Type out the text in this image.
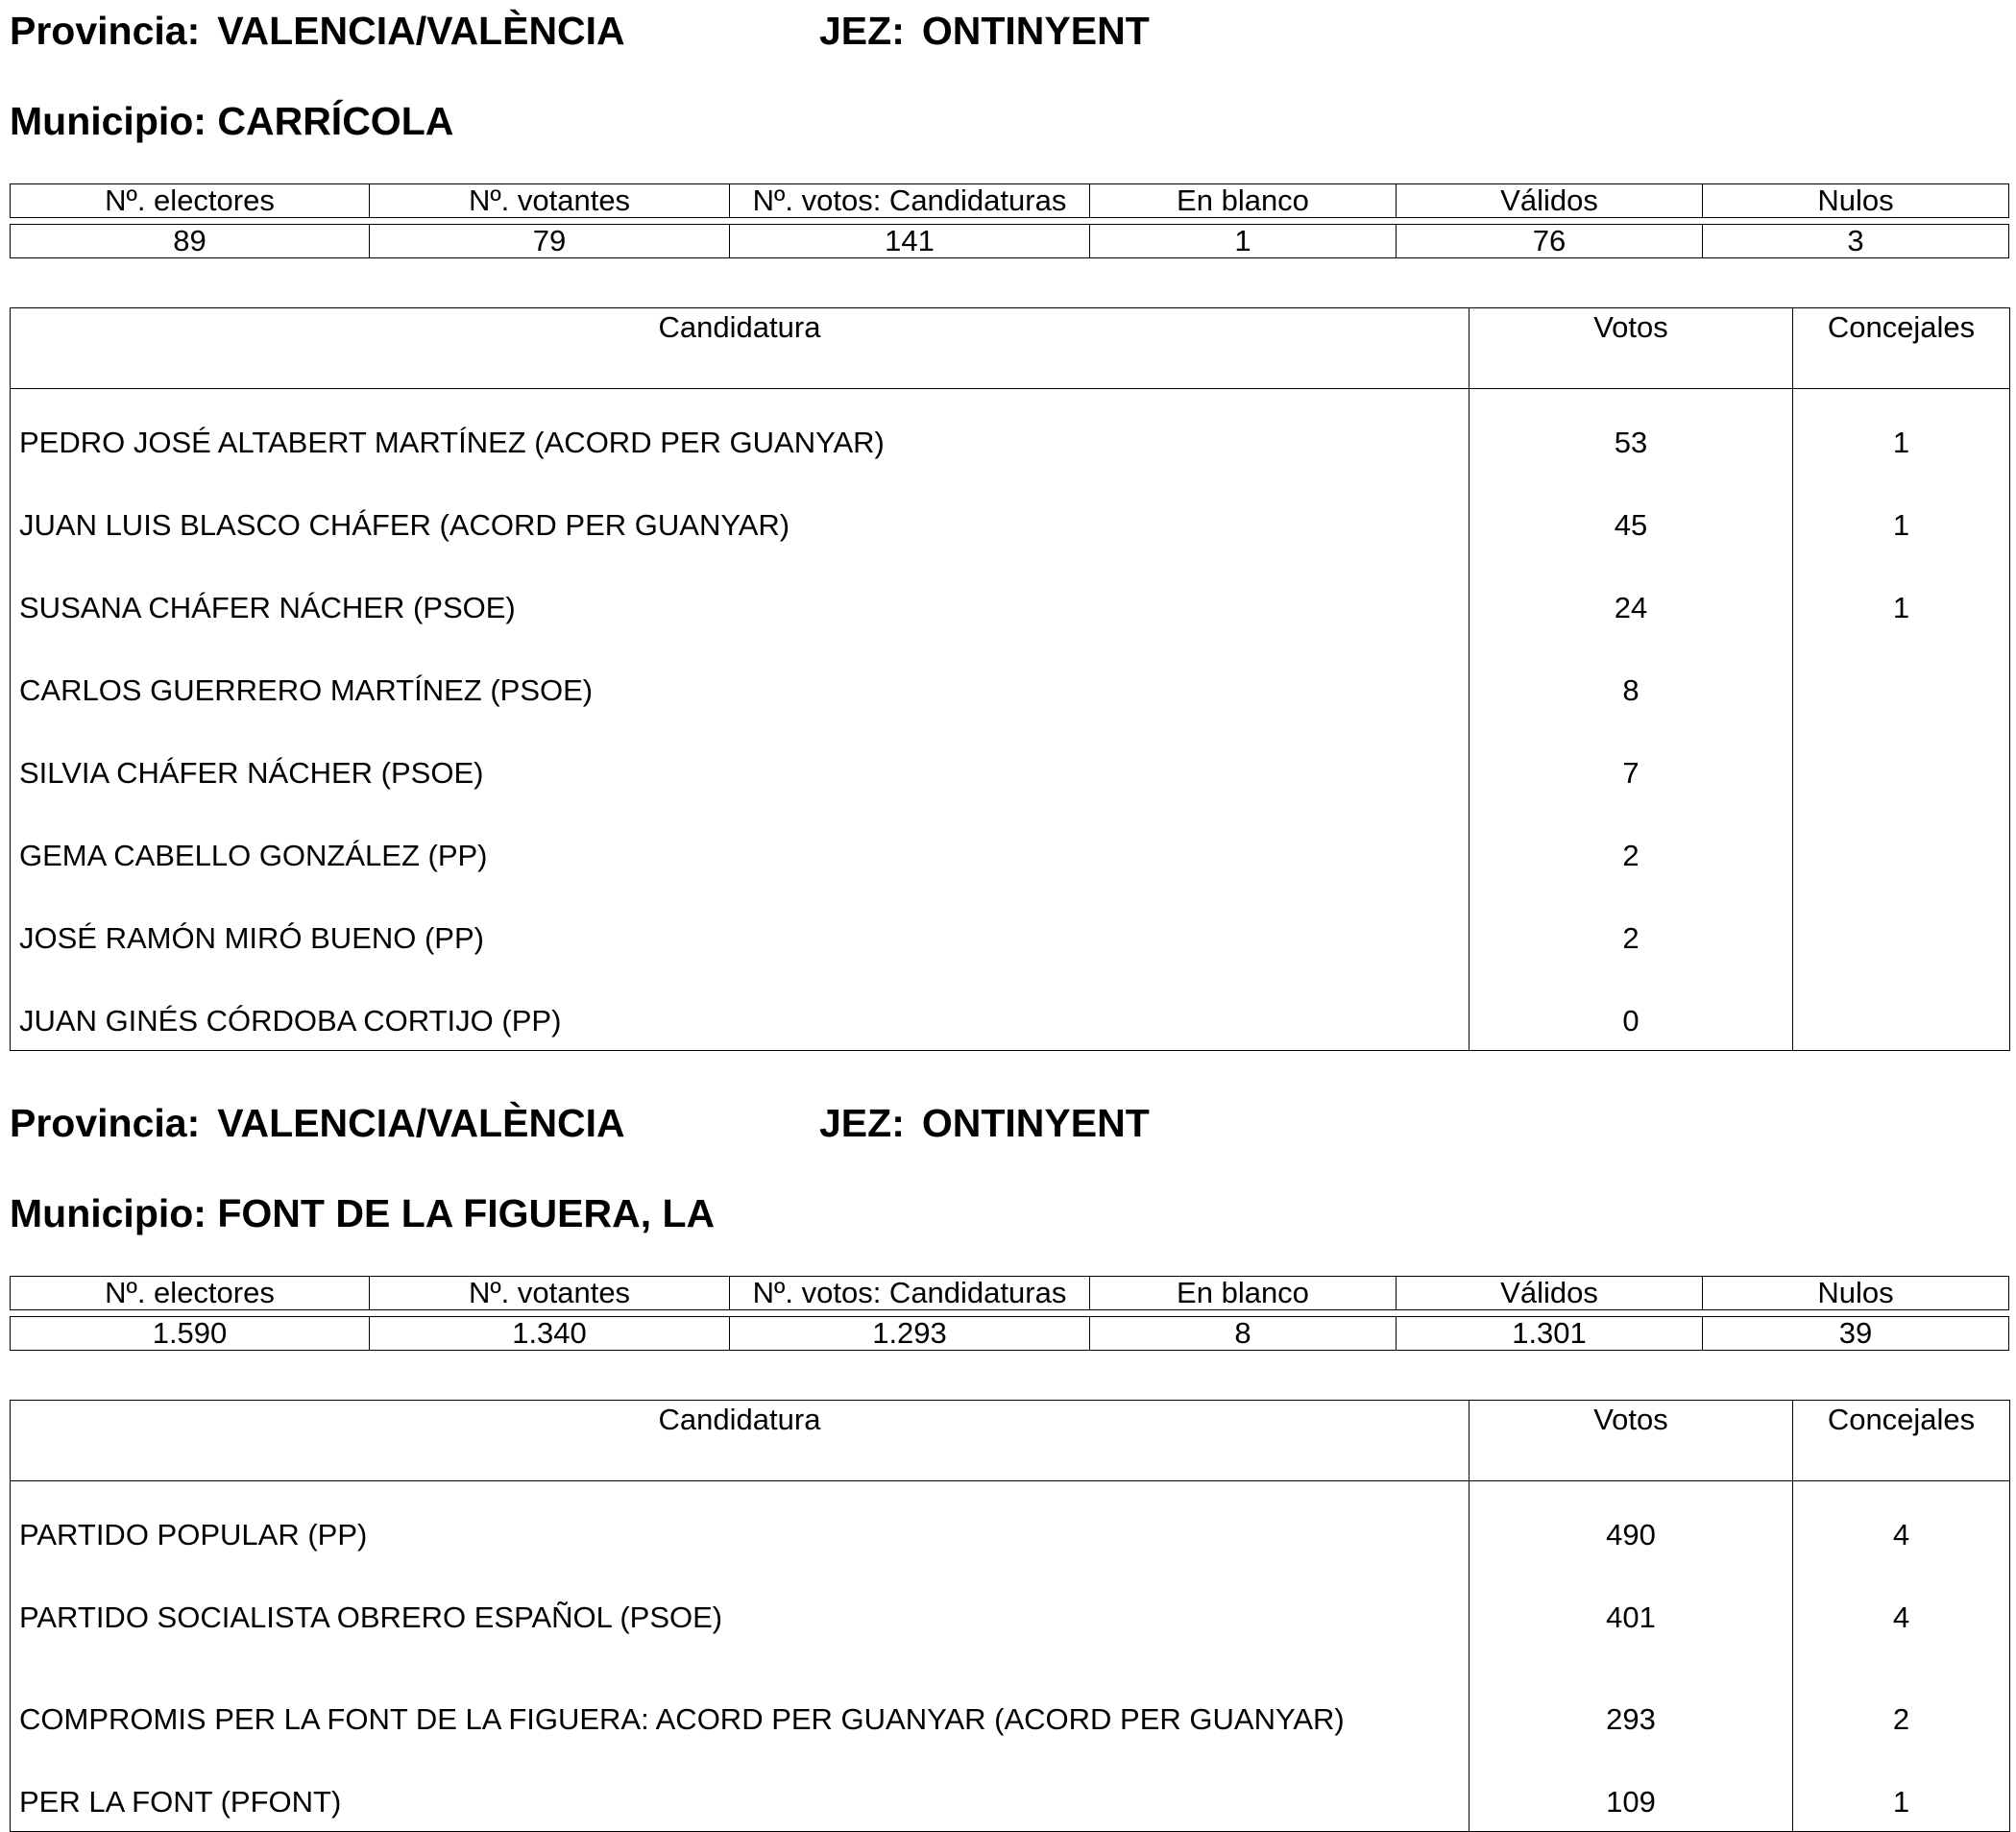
Provincia: VALENCIA/VALÈNCIA	JEZ: ONTINYENT
Municipio: CARRÍCOLA
Nº. electores	Nº. votantes	Nº. votos: Candidaturas	En blanco	Válidos	Nulos
89	79	141	1	76	3
Candidatura	Votos	Concejales
PEDRO JOSÉ ALTABERT MARTÍNEZ (ACORD PER GUANYAR)	53	1
JUAN LUIS BLASCO CHÁFER (ACORD PER GUANYAR)	45	1
SUSANA CHÁFER NÁCHER (PSOE)	24	1
CARLOS GUERRERO MARTÍNEZ (PSOE)	8	
SILVIA CHÁFER NÁCHER (PSOE)	7	
GEMA CABELLO GONZÁLEZ (PP)	2	
JOSÉ RAMÓN MIRÓ BUENO (PP)	2	
JUAN GINÉS CÓRDOBA CORTIJO (PP)	0	
Provincia: VALENCIA/VALÈNCIA	JEZ: ONTINYENT
Municipio: FONT DE LA FIGUERA, LA
Nº. electores	Nº. votantes	Nº. votos: Candidaturas	En blanco	Válidos	Nulos
1.590	1.340	1.293	8	1.301	39
Candidatura	Votos	Concejales
PARTIDO POPULAR (PP)	490	4
PARTIDO SOCIALISTA OBRERO ESPAÑOL (PSOE)	401	4
COMPROMIS PER LA FONT DE LA FIGUERA: ACORD PER GUANYAR (ACORD PER GUANYAR)	293	2
PER LA FONT (PFONT)	109	1
